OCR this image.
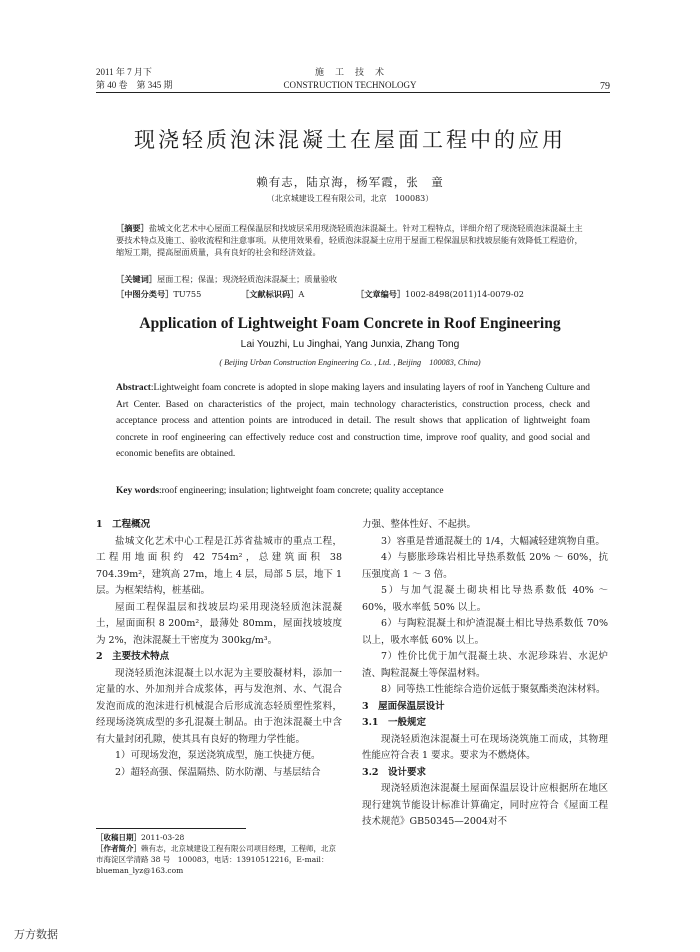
2011 年 7 月下
第 40 卷　第 345 期
施　工　技　术
CONSTRUCTION TECHNOLOGY	79
现浇轻质泡沫混凝土在屋面工程中的应用
赖有志，陆京海，杨军霞，张　童
（北京城建设工程有限公司，北京　100083）
［摘要］盐城文化艺术中心屋面工程保温层和找坡层采用现浇轻质泡沫混凝土。针对工程特点，详细介绍了现浇轻质泡沫混凝土主要技术特点及施工、验收流程和注意事项。从使用效果看，轻质泡沫混凝土应用于屋面工程保温层和找坡层能有效降低工程造价，缩短工期，提高屋面质量，具有良好的社会和经济效益。
［关键词］屋面工程；保温；现浇轻质泡沫混凝土；质量验收
［中图分类号］TU755	［文献标识码］A	［文章编号］1002-8498(2011)14-0079-02
Application of Lightweight Foam Concrete in Roof Engineering
Lai Youzhi, Lu Jinghai, Yang Junxia, Zhang Tong
( Beijing Urban Construction Engineering Co. , Ltd. , Beijing　100083, China)
Abstract:Lightweight foam concrete is adopted in slope making layers and insulating layers of roof in Yancheng Culture and Art Center. Based on characteristics of the project, main technology characteristics, construction process, check and acceptance process and attention points are introduced in detail. The result shows that application of lightweight foam concrete in roof engineering can effectively reduce cost and construction time, improve roof quality, and good social and economic benefits are obtained.
Key words:roof engineering; insulation; lightweight foam concrete; quality acceptance

1　工程概况

盐城文化艺术中心工程是江苏省盐城市的重点工程，工程用地面积约 42 754m²，总建筑面积 38 704.39m²，建筑高 27m，地上 4 层，局部 5 层，地下 1 层。为框架结构，桩基础。

屋面工程保温层和找坡层均采用现浇轻质泡沫混凝土，屋面面积 8 200m²，最薄处 80mm，屋面找坡坡度为 2%，泡沫混凝土干密度为 300kg/m³。

2　主要技术特点

现浇轻质泡沫混凝土以水泥为主要胶凝材料，添加一定量的水、外加剂并合成浆体，再与发泡剂、水、气混合发泡而成的泡沫进行机械混合后形成流态轻质塑性浆料，经现场浇筑成型的多孔混凝土制品。由于泡沫混凝土中含有大量封闭孔隙，使其具有良好的物理力学性能。

1）可现场发泡，泵送浇筑成型，施工快捷方便。

2）超轻高强、保温隔热、防水防潮、与基层结合

力强、整体性好、不起拱。

3）容重是普通混凝土的 1/4，大幅减轻建筑物自重。

4）与膨胀珍珠岩相比导热系数低 20% ～ 60%，抗压强度高 1 ～ 3 倍。

5）与加气混凝土砌块相比导热系数低 40% ～ 60%，吸水率低 50% 以上。

6）与陶粒混凝土和炉渣混凝土相比导热系数低 70% 以上，吸水率低 60% 以上。

7）性价比优于加气混凝土块、水泥珍珠岩、水泥炉渣、陶粒混凝土等保温材料。

8）同等热工性能综合造价远低于聚氨酯类泡沫材料。

3　屋面保温层设计

3.1　一般规定

现浇轻质泡沫混凝土可在现场浇筑施工而成，其物理性能应符合表 1 要求。要求为不燃烧体。

3.2　设计要求

现浇轻质泡沫混凝土屋面保温层设计应根据所在地区现行建筑节能设计标准计算确定，同时应符合《屋面工程技术规范》GB50345—2004对不

［收稿日期］2011-03-28
［作者简介］赖有志，北京城建设工程有限公司项目经理，工程师，北京市海淀区学清路 38 号　100083，电话：13910512216，E-mail：blueman_lyz@163.com
万方数据
